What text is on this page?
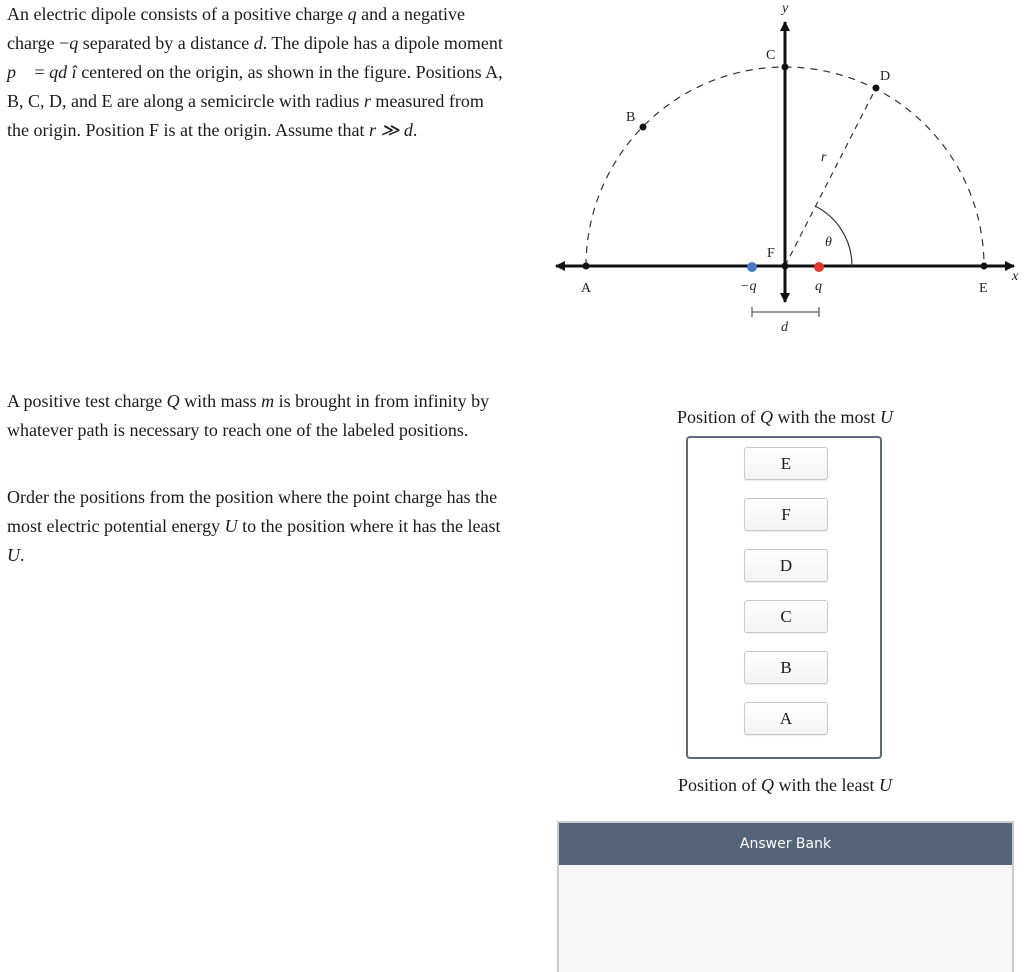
An electric dipole consists of a positive charge q and a negative charge −q separated by a distance d. The dipole has a dipole moment p⃗ = qd î centered on the origin, as shown in the figure. Positions A, B, C, D, and E are along a semicircle with radius r measured from the origin. Position F is at the origin. Assume that r ≫ d.

A positive test charge Q with mass m is brought in from infinity by whatever path is necessary to reach one of the labeled positions.

Order the positions from the position where the point charge has the most electric potential energy U to the position where it has the least U.

A
B
C
D
E
F
x
y
−q	q
d
r
θ
Position of Q with the most U
E
F
D
C
B
A
Position of Q with the least U
Answer Bank
